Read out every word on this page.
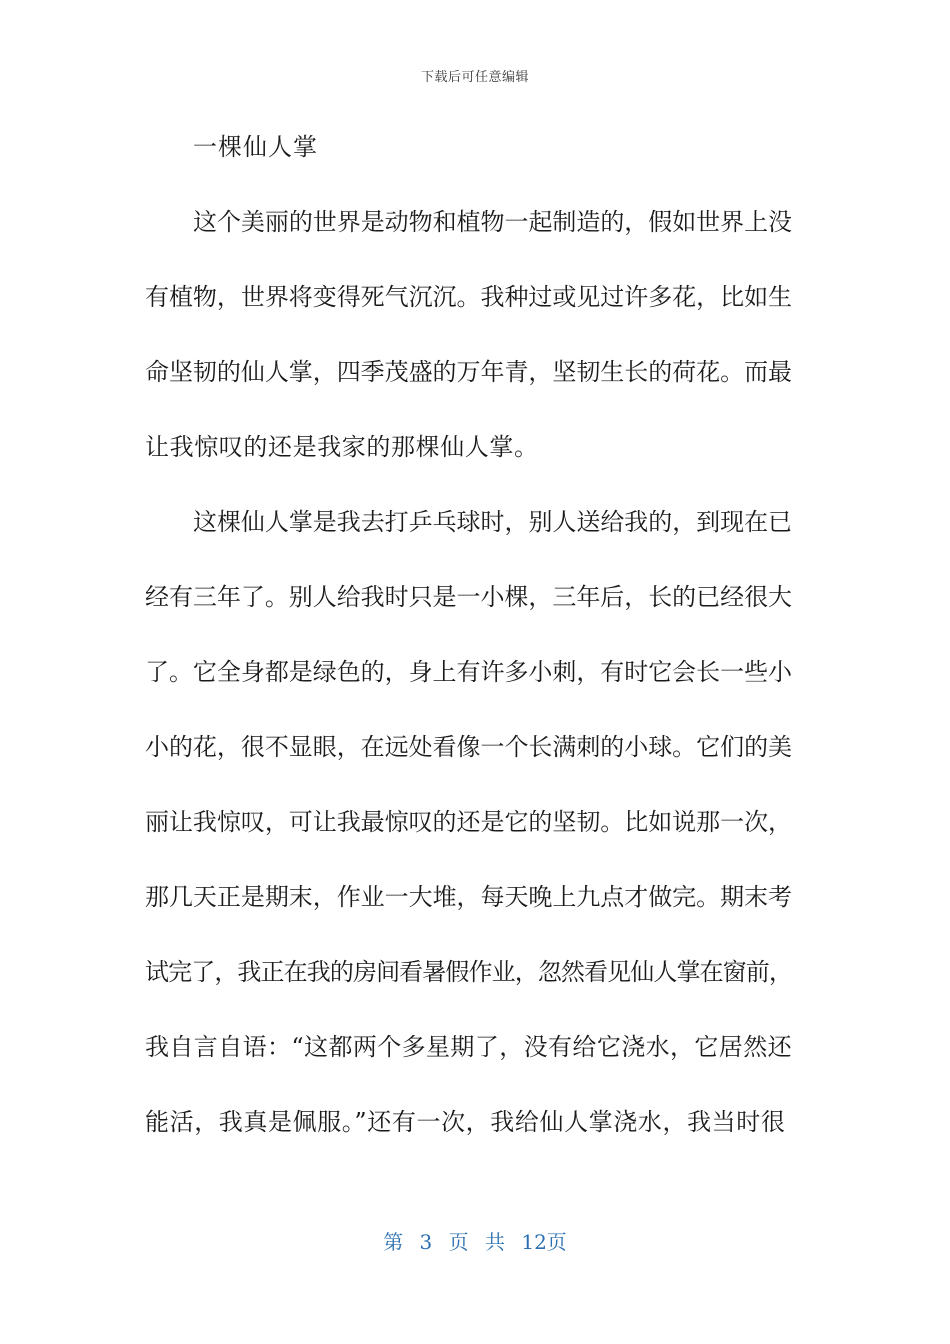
下载后可任意编辑
一棵仙人掌
这个美丽的世界是动物和植物一起制造的，假如世界上没
有植物，世界将变得死气沉沉。我种过或见过许多花，比如生
命坚韧的仙人掌，四季茂盛的万年青，坚韧生长的荷花。而最
让我惊叹的还是我家的那棵仙人掌。
这棵仙人掌是我去打乒乓球时，别人送给我的，到现在已
经有三年了。别人给我时只是一小棵，三年后，长的已经很大
了。它全身都是绿色的，身上有许多小刺，有时它会长一些小
小的花，很不显眼，在远处看像一个长满刺的小球。它们的美
丽让我惊叹，可让我最惊叹的还是它的坚韧。比如说那一次，
那几天正是期末，作业一大堆，每天晚上九点才做完。期末考
试完了，我正在我的房间看暑假作业，忽然看见仙人掌在窗前，
我自言自语：“这都两个多星期了，没有给它浇水，它居然还
能活，我真是佩服。”还有一次，我给仙人掌浇水，我当时很
第 3 页 共 12页
